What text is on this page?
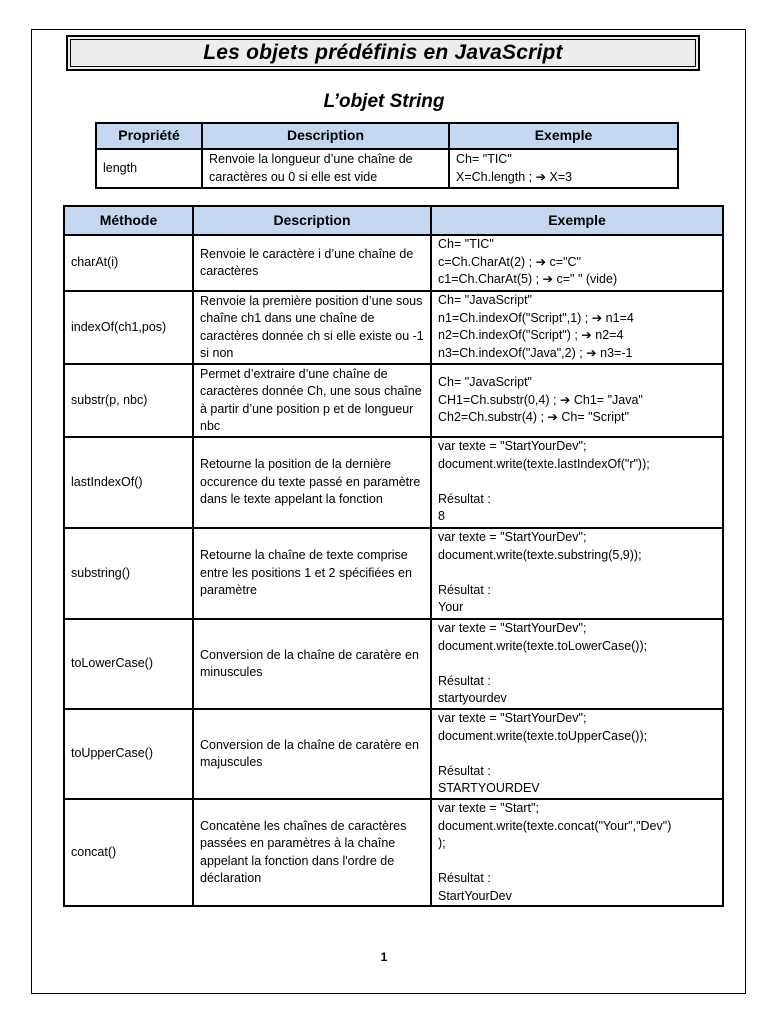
Les objets prédéfinis en JavaScript
L’objet String
Propriété	Description	Exemple
length	Renvoie la longueur d’une chaîne de caractères ou 0 si elle est vide	Ch= "TIC"
X=Ch.length ; ➔ X=3
Méthode	Description	Exemple
charAt(i)	Renvoie le caractère i d’une chaîne de caractères	Ch= "TIC"
c=Ch.CharAt(2) ; ➔ c="C"
c1=Ch.CharAt(5) ; ➔ c=" " (vide)
indexOf(ch1,pos)	Renvoie la première position d’une sous chaîne ch1 dans une chaîne de caractères donnée ch si elle existe ou -1 si non	Ch= "JavaScript"
n1=Ch.indexOf("Script",1) ; ➔ n1=4
n2=Ch.indexOf("Script") ; ➔ n2=4
n3=Ch.indexOf("Java",2) ; ➔ n3=-1
substr(p, nbc)	Permet d’extraire d’une chaîne de caractères donnée Ch, une sous chaîne à partir d’une position p et de longueur nbc	Ch= "JavaScript"
CH1=Ch.substr(0,4) ; ➔ Ch1= "Java"
Ch2=Ch.substr(4) ; ➔ Ch= "Script"
lastIndexOf()	Retourne la position de la dernière occurence du texte passé en paramètre dans le texte appelant la fonction	var texte = "StartYourDev";
document.write(texte.lastIndexOf("r"));

Résultat :
8
substring()	Retourne la chaîne de texte comprise entre les positions 1 et 2 spécifiées en paramètre	var texte = "StartYourDev";
document.write(texte.substring(5,9));

Résultat :
Your
toLowerCase()	Conversion de la chaîne de caratère en minuscules	var texte = "StartYourDev";
document.write(texte.toLowerCase());

Résultat :
startyourdev
toUpperCase()	Conversion de la chaîne de caratère en majuscules	var texte = "StartYourDev";
document.write(texte.toUpperCase());

Résultat :
STARTYOURDEV
concat()	Concatène les chaînes de caractères passées en paramètres à la chaîne appelant la fonction dans l'ordre de déclaration	var texte = "Start";
document.write(texte.concat("Your","Dev")
);

Résultat :
StartYourDev
1
